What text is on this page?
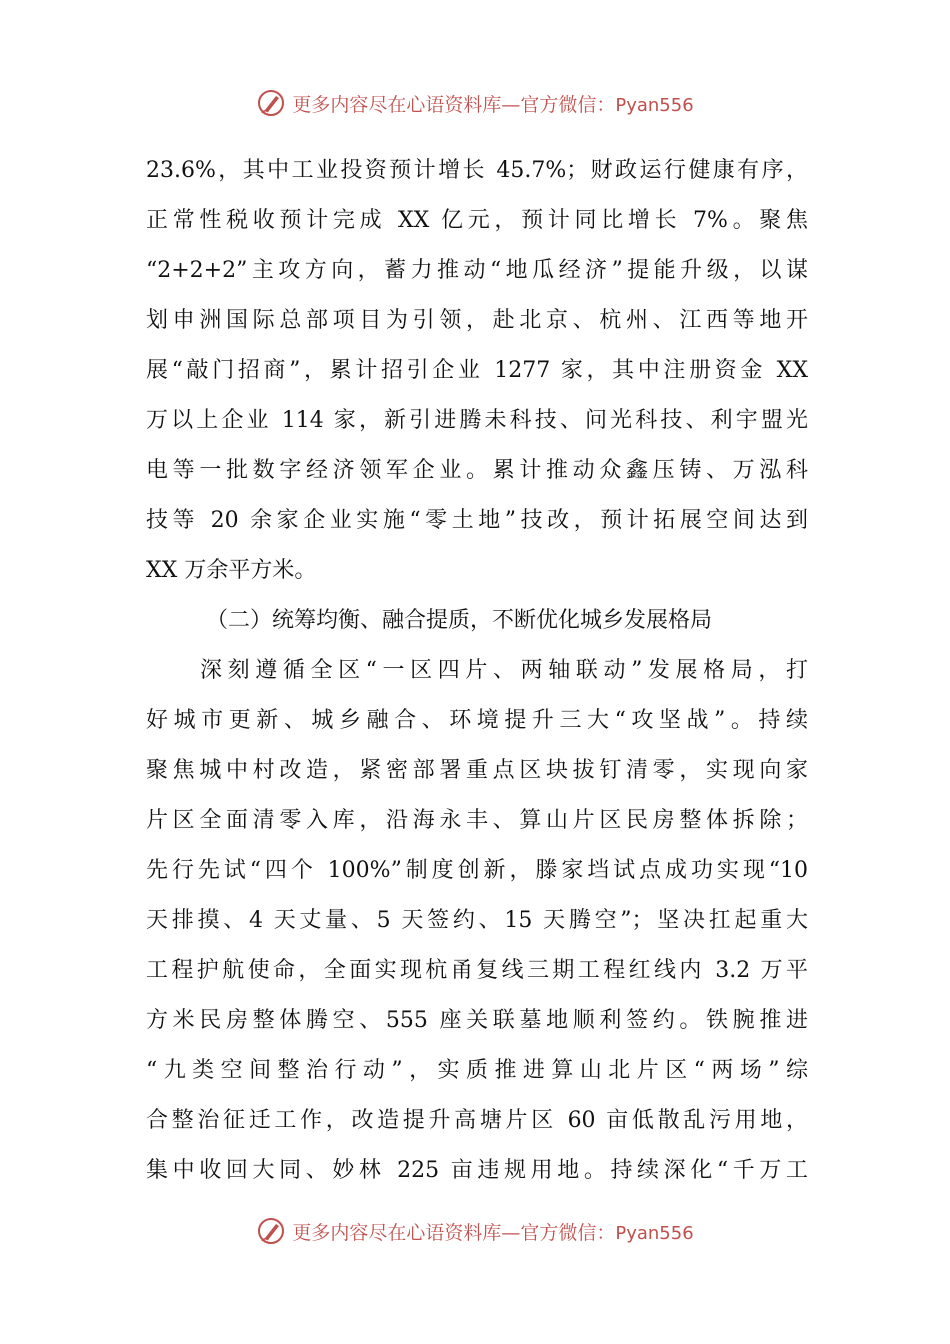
更多内容尽在心语资料库—官方微信：Pyan556
23.6%，其中工业投资预计增长 45.7%；财政运行健康有序，
正常性税收预计完成 XX 亿元，预计同比增长 7%。聚焦
“2+2+2”主攻方向，蓄力推动“地瓜经济”提能升级，以谋
划申洲国际总部项目为引领，赴北京、杭州、江西等地开
展“敲门招商”，累计招引企业 1277 家，其中注册资金 XX
万以上企业 114 家，新引进腾未科技、问光科技、利宇盟光
电等一批数字经济领军企业。累计推动众鑫压铸、万泓科
技等 20 余家企业实施“零土地”技改，预计拓展空间达到
XX 万余平方米。
（二）统筹均衡、融合提质，不断优化城乡发展格局
深刻遵循全区“一区四片、两轴联动”发展格局，打
好城市更新、城乡融合、环境提升三大“攻坚战”。持续
聚焦城中村改造，紧密部署重点区块拔钉清零，实现向家
片区全面清零入库，沿海永丰、算山片区民房整体拆除；
先行先试“四个 100%”制度创新，滕家垱试点成功实现“10
天排摸、4 天丈量、5 天签约、15 天腾空”；坚决扛起重大
工程护航使命，全面实现杭甬复线三期工程红线内 3.2 万平
方米民房整体腾空、555 座关联墓地顺利签约。铁腕推进
“九类空间整治行动”，实质推进算山北片区“两场”综
合整治征迁工作，改造提升高塘片区 60 亩低散乱污用地，
集中收回大同、妙林 225 亩违规用地。持续深化“千万工
更多内容尽在心语资料库—官方微信：Pyan556
